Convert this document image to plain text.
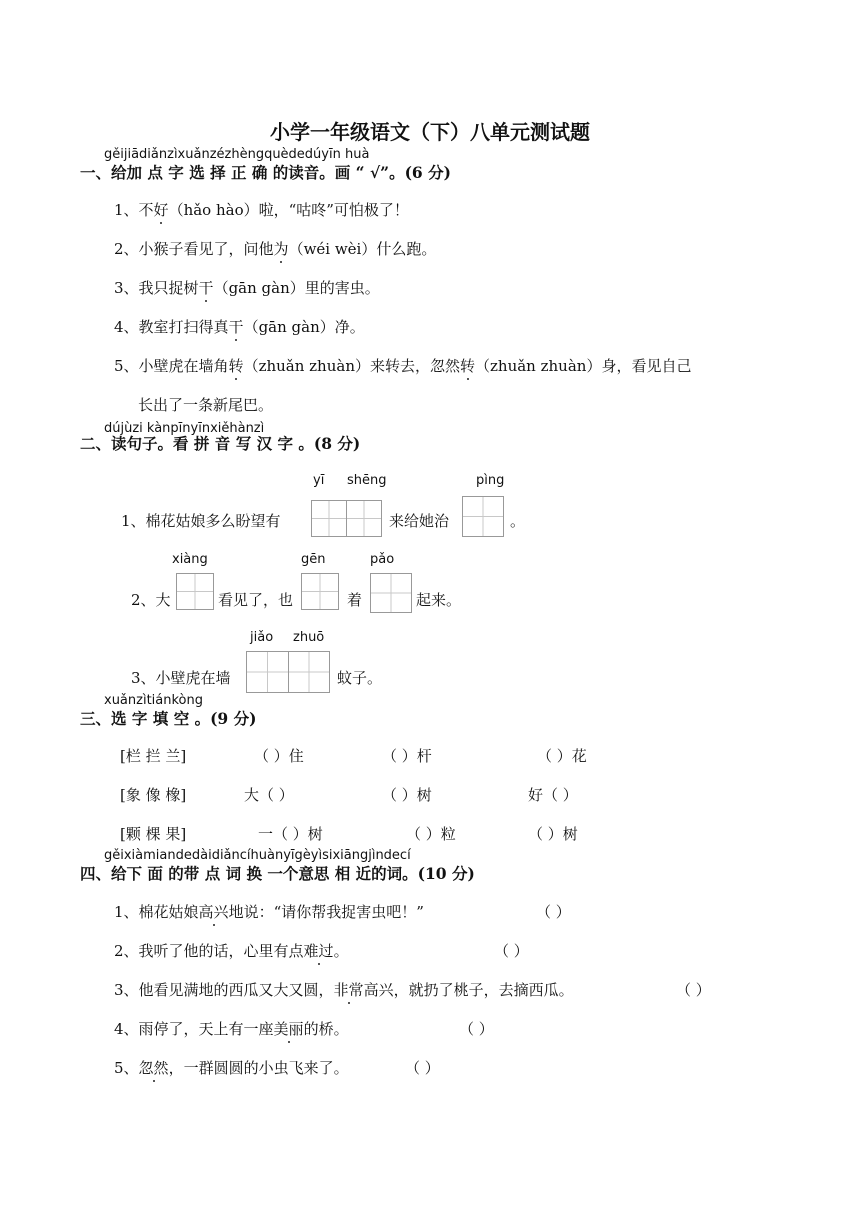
小学一年级语文（下）八单元测试题
gěijiādiǎnzìxuǎnzézhèngquèdedúyīn huà
一、给加 点 字 选 择 正 确 的读音。画 “ √”。(6 分)
1、不好（hǎo hào）啦，“咕咚”可怕极了！
2、小猴子看见了，问他为（wéi wèi）什么跑。
3、我只捉树干（gān gàn）里的害虫。
4、教室打扫得真干（gān gàn）净。
5、小壁虎在墙角转（zhuǎn zhuàn）来转去，忽然转（zhuǎn zhuàn）身，看见自己
长出了一条新尾巴。
dújùzi kànpīnyīnxiěhànzì
二、读句子。看 拼 音 写 汉 字 。(8 分)
yī shēng	pìng
1、棉花姑娘多么盼望有	来给她治	。
xiàng	gēn	pǎo
2、大	看见了，也	着	起来。
jiǎo zhuō
3、小壁虎在墙	蚊子。
xuǎnzìtiánkòng
三、选 字 填 空 。(9 分)
[栏 拦 兰]	（ ）住	（ ）杆	（ ）花
[象 像 橡]	大（ ）	（ ）树	好（ ）
[颗 棵 果]	一（ ）树	（ ）粒	（ ）树
gěixiàmiandedàidiǎncíhuànyīgèyìsixiāngjìndecí
四、给下 面 的带 点 词 换 一个意思 相 近的词。(10 分)
1、棉花姑娘高兴地说：“请你帮我捉害虫吧！”	（ ）
2、我听了他的话，心里有点难过。	（ ）
3、他看见满地的西瓜又大又圆，非常高兴，就扔了桃子，去摘西瓜。	（ ）
4、雨停了，天上有一座美丽的桥。	（ ）
5、忽然，一群圆圆的小虫飞来了。	（ ）
